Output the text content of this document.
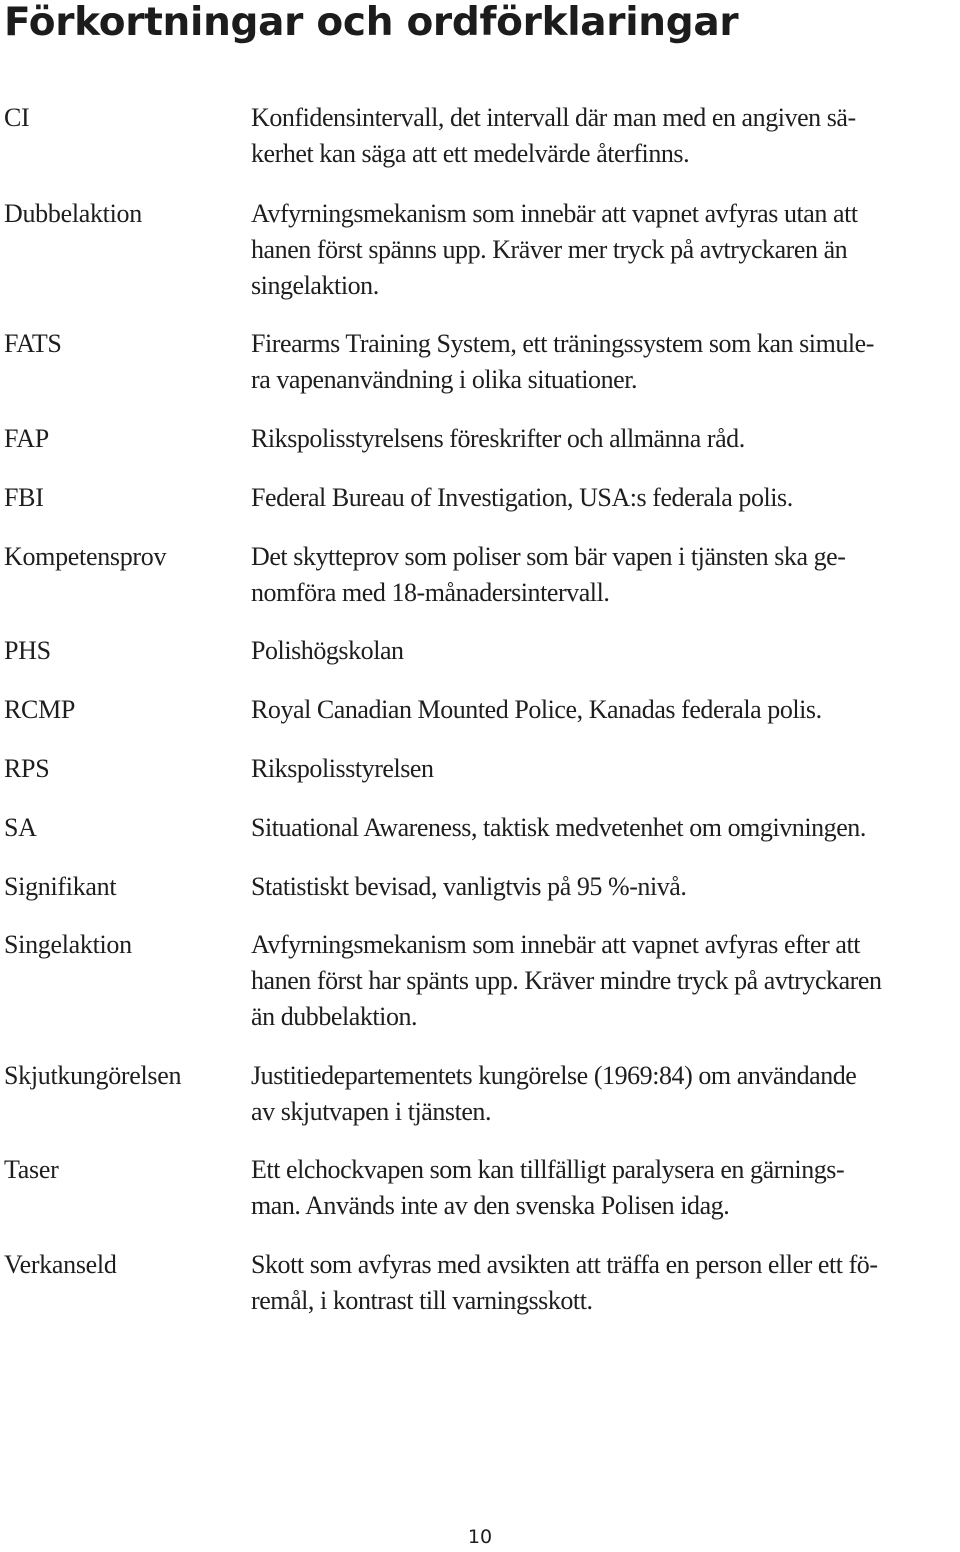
Förkortningar och ordförklaringar
CI	Konfidensintervall, det intervall där man med en angiven sä-
kerhet kan säga att ett medelvärde återfinns.
Dubbelaktion	Avfyrningsmekanism som innebär att vapnet avfyras utan att
hanen först spänns upp. Kräver mer tryck på avtryckaren än
singelaktion.
FATS	Firearms Training System, ett träningssystem som kan simule-
ra vapenanvändning i olika situationer.
FAP	Rikspolisstyrelsens föreskrifter och allmänna råd.
FBI	Federal Bureau of Investigation, USA:s federala polis.
Kompetensprov	Det skytteprov som poliser som bär vapen i tjänsten ska ge-
nomföra med 18-månadersintervall.
PHS	Polishögskolan
RCMP	Royal Canadian Mounted Police, Kanadas federala polis.
RPS	Rikspolisstyrelsen
SA	Situational Awareness, taktisk medvetenhet om omgivningen.
Signifikant	Statistiskt bevisad, vanligtvis på 95 %-nivå.
Singelaktion	Avfyrningsmekanism som innebär att vapnet avfyras efter att
hanen först har spänts upp. Kräver mindre tryck på avtryckaren
än dubbelaktion.
Skjutkungörelsen	Justitiedepartementets kungörelse (1969:84) om användande
av skjutvapen i tjänsten.
Taser	Ett elchockvapen som kan tillfälligt paralysera en gärnings-
man. Används inte av den svenska Polisen idag.
Verkanseld	Skott som avfyras med avsikten att träffa en person eller ett fö-
remål, i kontrast till varningsskott.
10
